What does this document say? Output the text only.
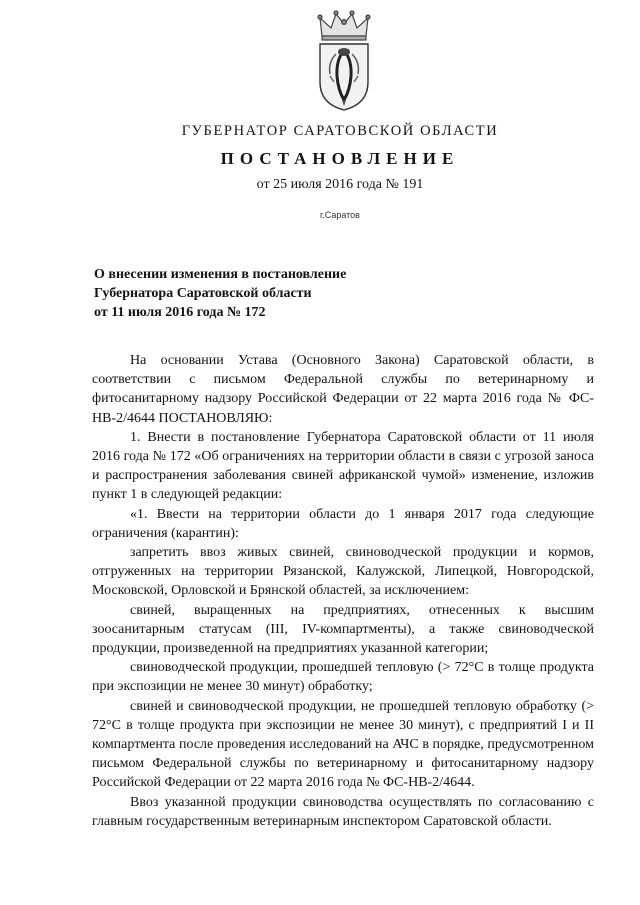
ГУБЕРНАТОР САРАТОВСКОЙ ОБЛАСТИ
ПОСТАНОВЛЕНИЕ
от 25 июля 2016 года № 191
г.Саратов
О внесении изменения в постановление
Губернатора Саратовской области
от 11 июля 2016 года № 172

На основании Устава (Основного Закона) Саратовской области, в соответствии с письмом Федеральной службы по ветеринарному и фитосанитарному надзору Российской Федерации от 22 марта 2016 года № ФС-НВ-2/4644 ПОСТАНОВЛЯЮ:

1. Внести в постановление Губернатора Саратовской области от 11 июля 2016 года № 172 «Об ограничениях на территории области в связи с угрозой заноса и распространения заболевания свиней африканской чумой» изменение, изложив пункт 1 в следующей редакции:

«1. Ввести на территории области до 1 января 2017 года следующие ограничения (карантин):

запретить ввоз живых свиней, свиноводческой продукции и кормов, отгруженных на территории Рязанской, Калужской, Липецкой, Новгородской, Московской, Орловской и Брянской областей, за исключением:

свиней, выращенных на предприятиях, отнесенных к высшим зоосанитарным статусам (III, IV-компартменты), а также свиноводческой продукции, произведенной на предприятиях указанной категории;

свиноводческой продукции, прошедшей тепловую (> 72°С в толще продукта при экспозиции не менее 30 минут) обработку;

свиней и свиноводческой продукции, не прошедшей тепловую обработку (> 72°С в толще продукта при экспозиции не менее 30 минут), с предприятий I и II компартмента после проведения исследований на АЧС в порядке, предусмотренном письмом Федеральной службы по ветеринарному и фитосанитарному надзору Российской Федерации от 22 марта 2016 года № ФС-НВ-2/4644.

Ввоз указанной продукции свиноводства осуществлять по согласованию с главным государственным ветеринарным инспектором Саратовской области.
